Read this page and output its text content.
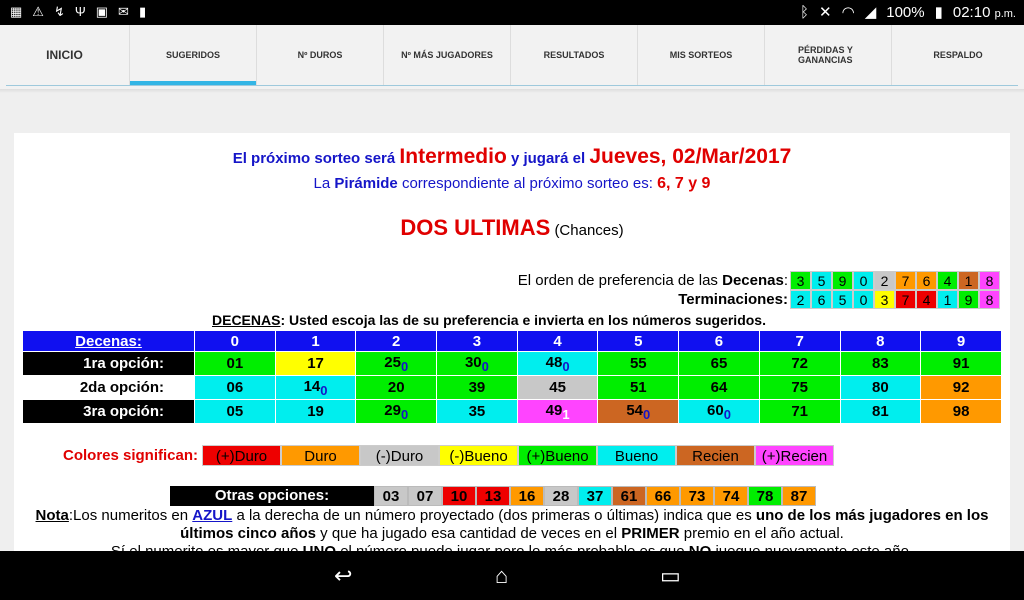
▦ ⚠ ↯ Ψ ▣ ✉ ▮	ᛒ ✕ ◠ ◢ 100% ▮ 02:10 p.m.
INICIO	SUGERIDOS	Nº DUROS	Nº MÁS JUGADORES	RESULTADOS	MIS SORTEOS	PÉRDIDAS Y GANANCIAS	RESPALDO
El próximo sorteo será Intermedio y jugará el Jueves, 02/Mar/2017
La Pirámide correspondiente al próximo sorteo es: 6, 7 y 9
DOS ULTIMAS (Chances)
El orden de preferencia de las Decenas: 3 5 9 0 2 7 6 4 1 8
Terminaciones: 2 6 5 0 3 7 4 1 9 8
DECENAS: Usted escoja las de su preferencia e invierta en los números sugeridos.
Decenas:	0	1	2	3	4	5	6	7	8	9
1ra opción:	01	17	250	300	480	55	65	72	83	91
2da opción:	06	140	20	39	45	51	64	75	80	92
3ra opción:	05	19	290	35	491	540	600	71	81	98
Colores significan:	(+)Duro	Duro	(-)Duro	(-)Bueno	(+)Bueno	Bueno	Recien	(+)Recien
Otras opciones:	03	07	10	13	16	28	37	61	66	73	74	78	87
Nota:Los numeritos en AZUL a la derecha de un número proyectado (dos primeras o últimas) indica que es uno de los más jugadores en los últimos cinco años y que ha jugado esa cantidad de veces en el PRIMER premio en el año actual.

↩	⌂	▭
